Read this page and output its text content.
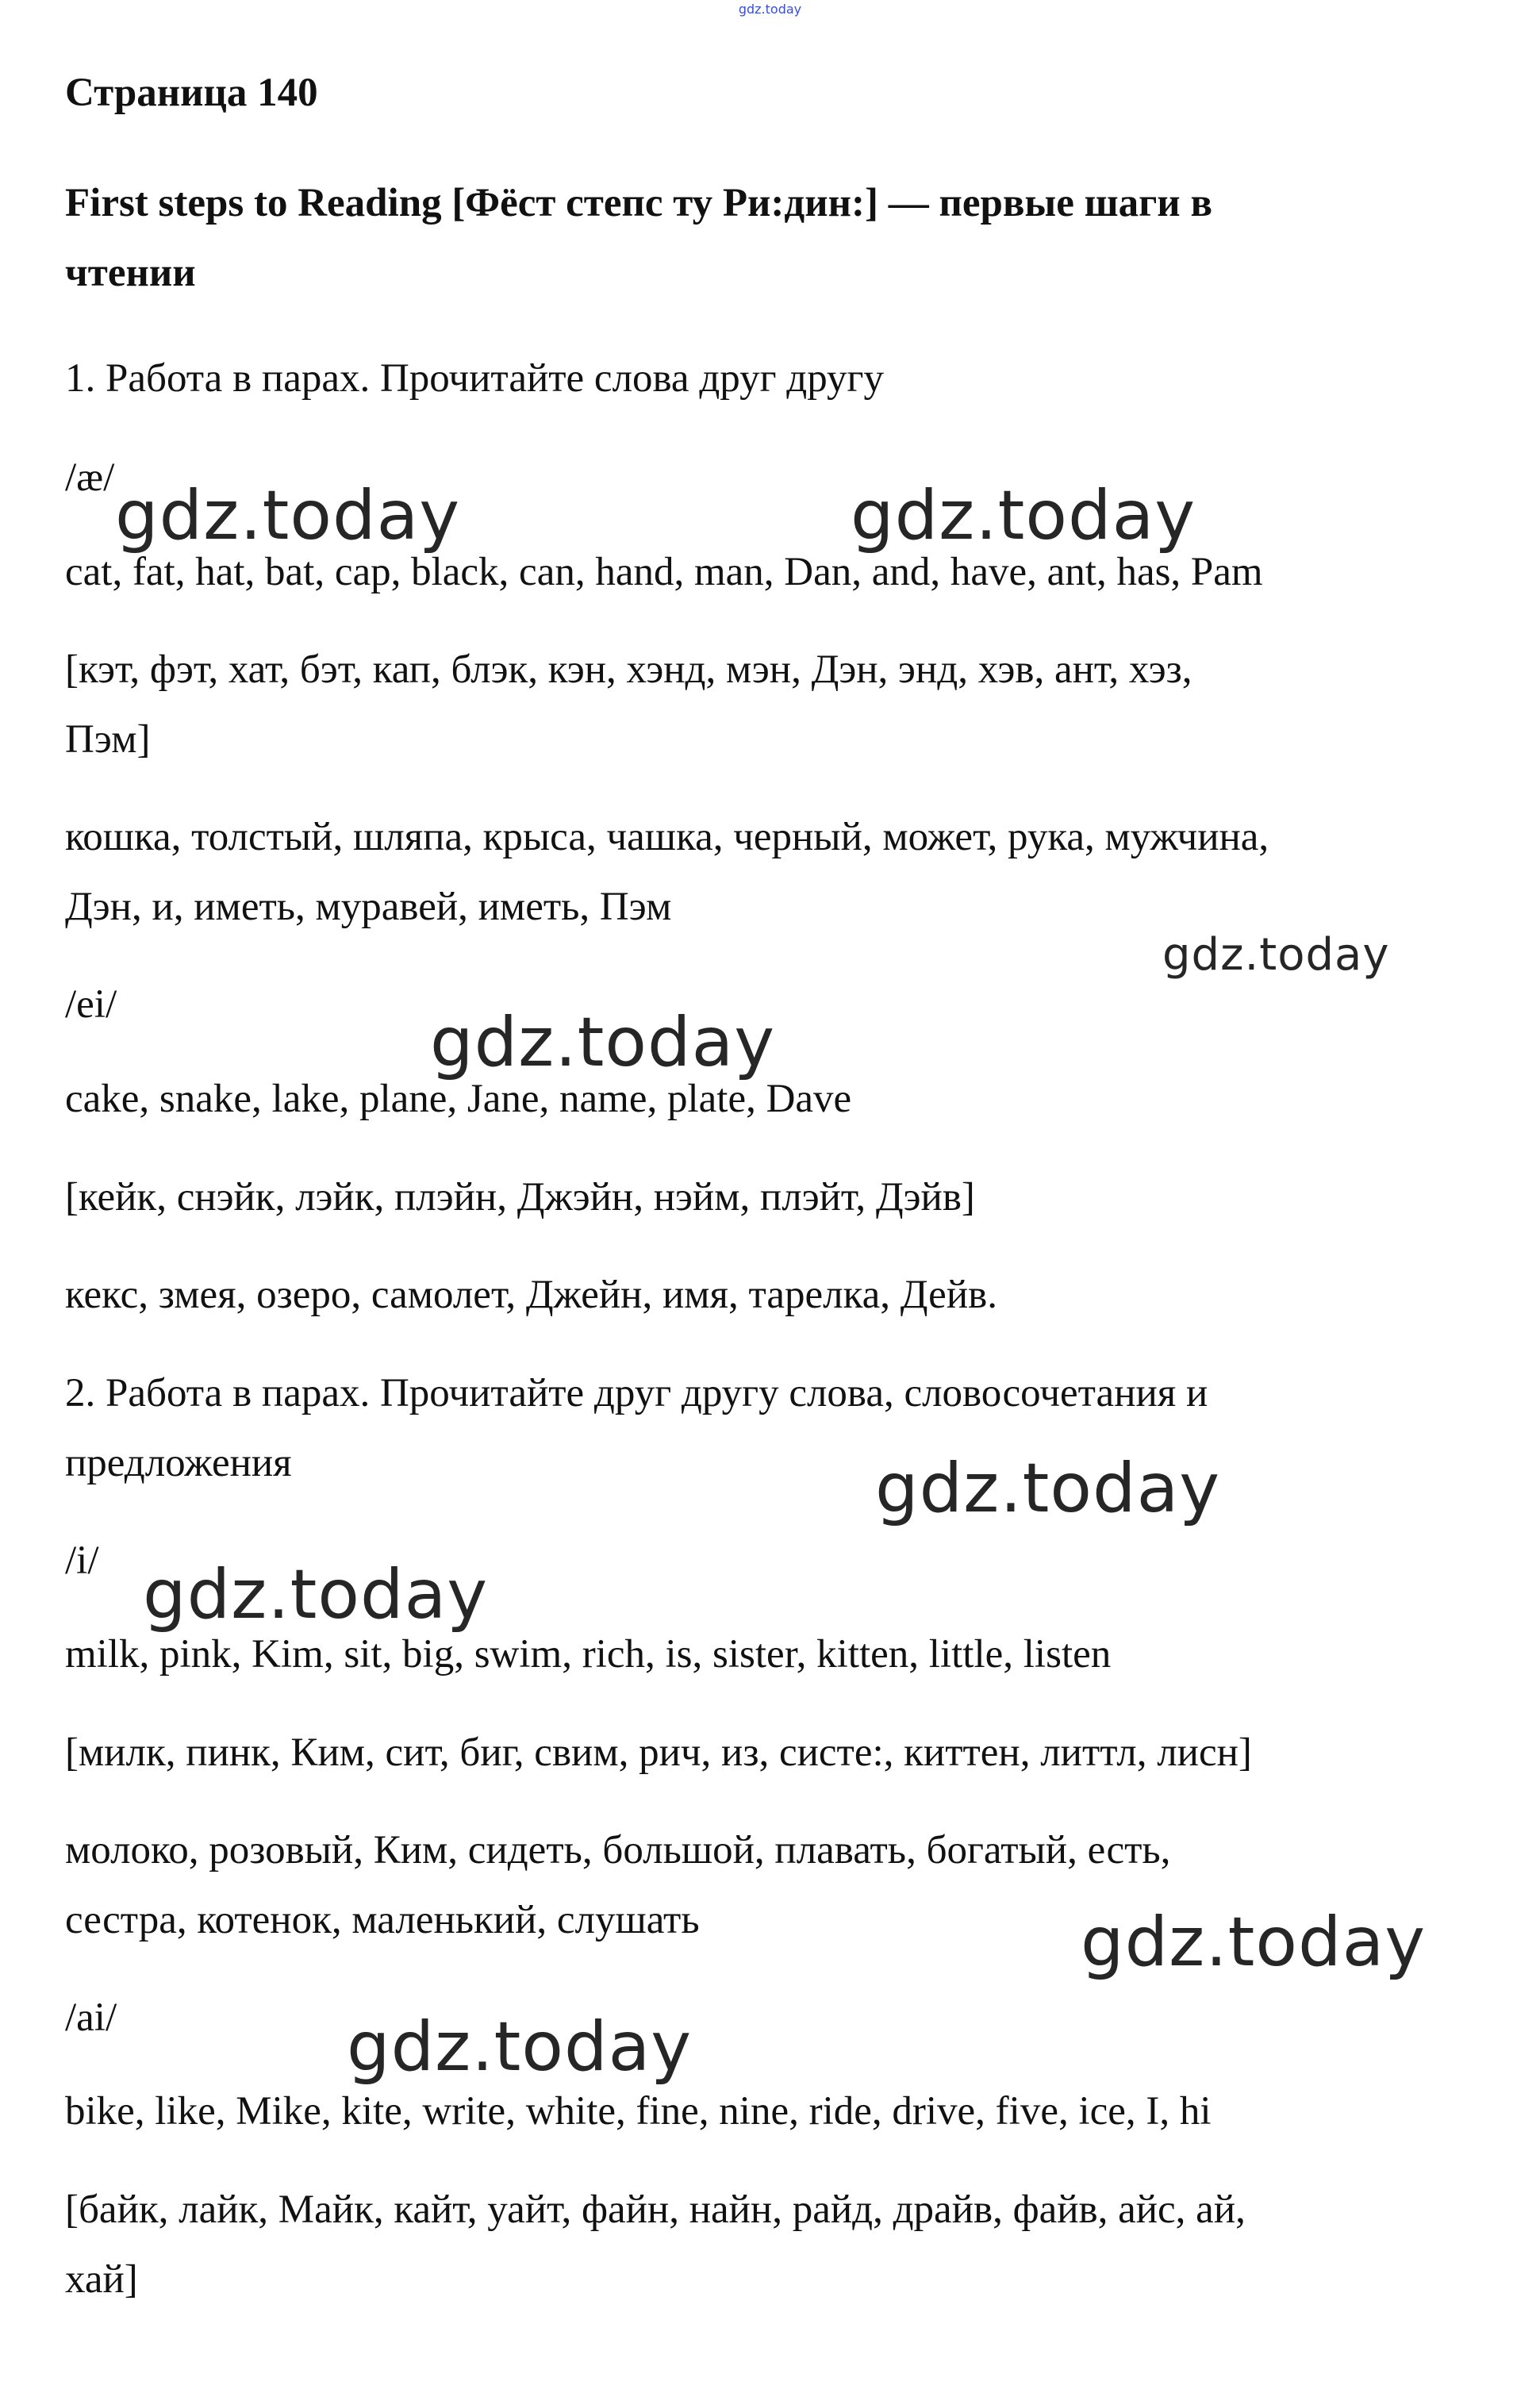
gdz.today
Страница 140
First steps to Reading [Фёст степс ту Ри:дин:] — первые шаги в
чтении
1. Работа в парах. Прочитайте слова друг другу
/æ/
cat, fat, hat, bat, cap, black, can, hand, man, Dan, and, have, ant, has, Pam
[кэт, фэт, хат, бэт, кап, блэк, кэн, хэнд, мэн, Дэн, энд, хэв, ант, хэз,
Пэм]
кошка, толстый, шляпа, крыса, чашка, черный, может, рука, мужчина,
Дэн, и, иметь, муравей, иметь, Пэм
/ei/
cake, snake, lake, plane, Jane, name, plate, Dave
[кейк, снэйк, лэйк, плэйн, Джэйн, нэйм, плэйт, Дэйв]
кекс, змея, озеро, самолет, Джейн, имя, тарелка, Дейв.
2. Работа в парах. Прочитайте друг другу слова, словосочетания и
предложения
/i/
milk, pink, Kim, sit, big, swim, rich, is, sister, kitten, little, listen
[милк, пинк, Ким, сит, биг, свим, рич, из, систе:, киттен, литтл, лисн]
молоко, розовый, Ким, сидеть, большой, плавать, богатый, есть,
сестра, котенок, маленький, слушать
/ai/
bike, like, Mike, kite, write, white, fine, nine, ride, drive, five, ice, I, hi
[байк, лайк, Майк, кайт, уайт, файн, найн, райд, драйв, файв, айс, ай,
хай]
gdz.today	gdz.today
gdz.today
gdz.today
gdz.today
gdz.today
gdz.today
gdz.today
